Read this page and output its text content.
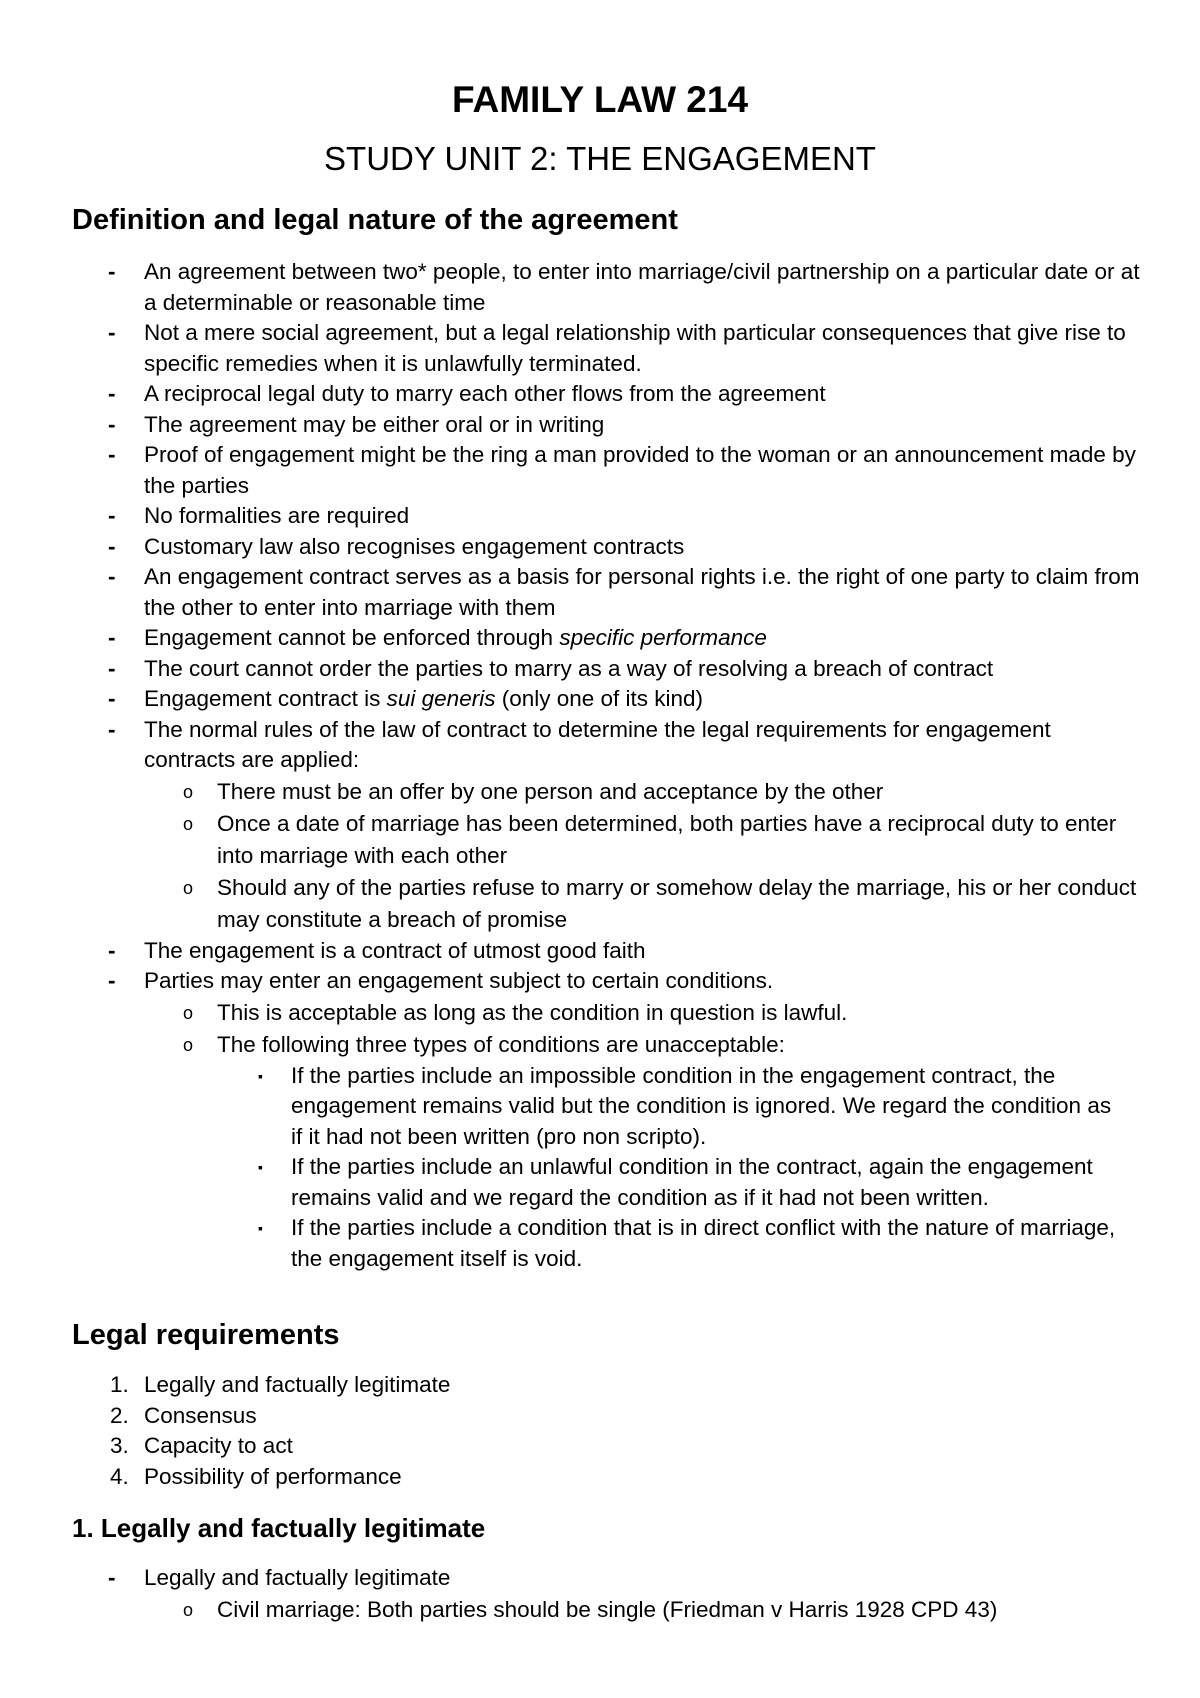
FAMILY LAW 214
STUDY UNIT 2: THE ENGAGEMENT
Definition and legal nature of the agreement
- An agreement between two* people, to enter into marriage/civil partnership on a particular date or at a determinable or reasonable time
- Not a mere social agreement, but a legal relationship with particular consequences that give rise to specific remedies when it is unlawfully terminated.
- A reciprocal legal duty to marry each other flows from the agreement
- The agreement may be either oral or in writing
- Proof of engagement might be the ring a man provided to the woman or an announcement made by the parties
- No formalities are required
- Customary law also recognises engagement contracts
- An engagement contract serves as a basis for personal rights i.e. the right of one party to claim from the other to enter into marriage with them
- Engagement cannot be enforced through specific performance
- The court cannot order the parties to marry as a way of resolving a breach of contract
- Engagement contract is sui generis (only one of its kind)
- The normal rules of the law of contract to determine the legal requirements for engagement contracts are applied:
o There must be an offer by one person and acceptance by the other
o Once a date of marriage has been determined, both parties have a reciprocal duty to enter into marriage with each other
o Should any of the parties refuse to marry or somehow delay the marriage, his or her conduct may constitute a breach of promise
- The engagement is a contract of utmost good faith
- Parties may enter an engagement subject to certain conditions.
o This is acceptable as long as the condition in question is lawful.
o The following three types of conditions are unacceptable:
▪ If the parties include an impossible condition in the engagement contract, the engagement remains valid but the condition is ignored. We regard the condition as if it had not been written (pro non scripto).
▪ If the parties include an unlawful condition in the contract, again the engagement remains valid and we regard the condition as if it had not been written.
▪ If the parties include a condition that is in direct conflict with the nature of marriage, the engagement itself is void.
Legal requirements
1. Legally and factually legitimate
2. Consensus
3. Capacity to act
4. Possibility of performance
1. Legally and factually legitimate
- Legally and factually legitimate
o Civil marriage: Both parties should be single (Friedman v Harris 1928 CPD 43)
